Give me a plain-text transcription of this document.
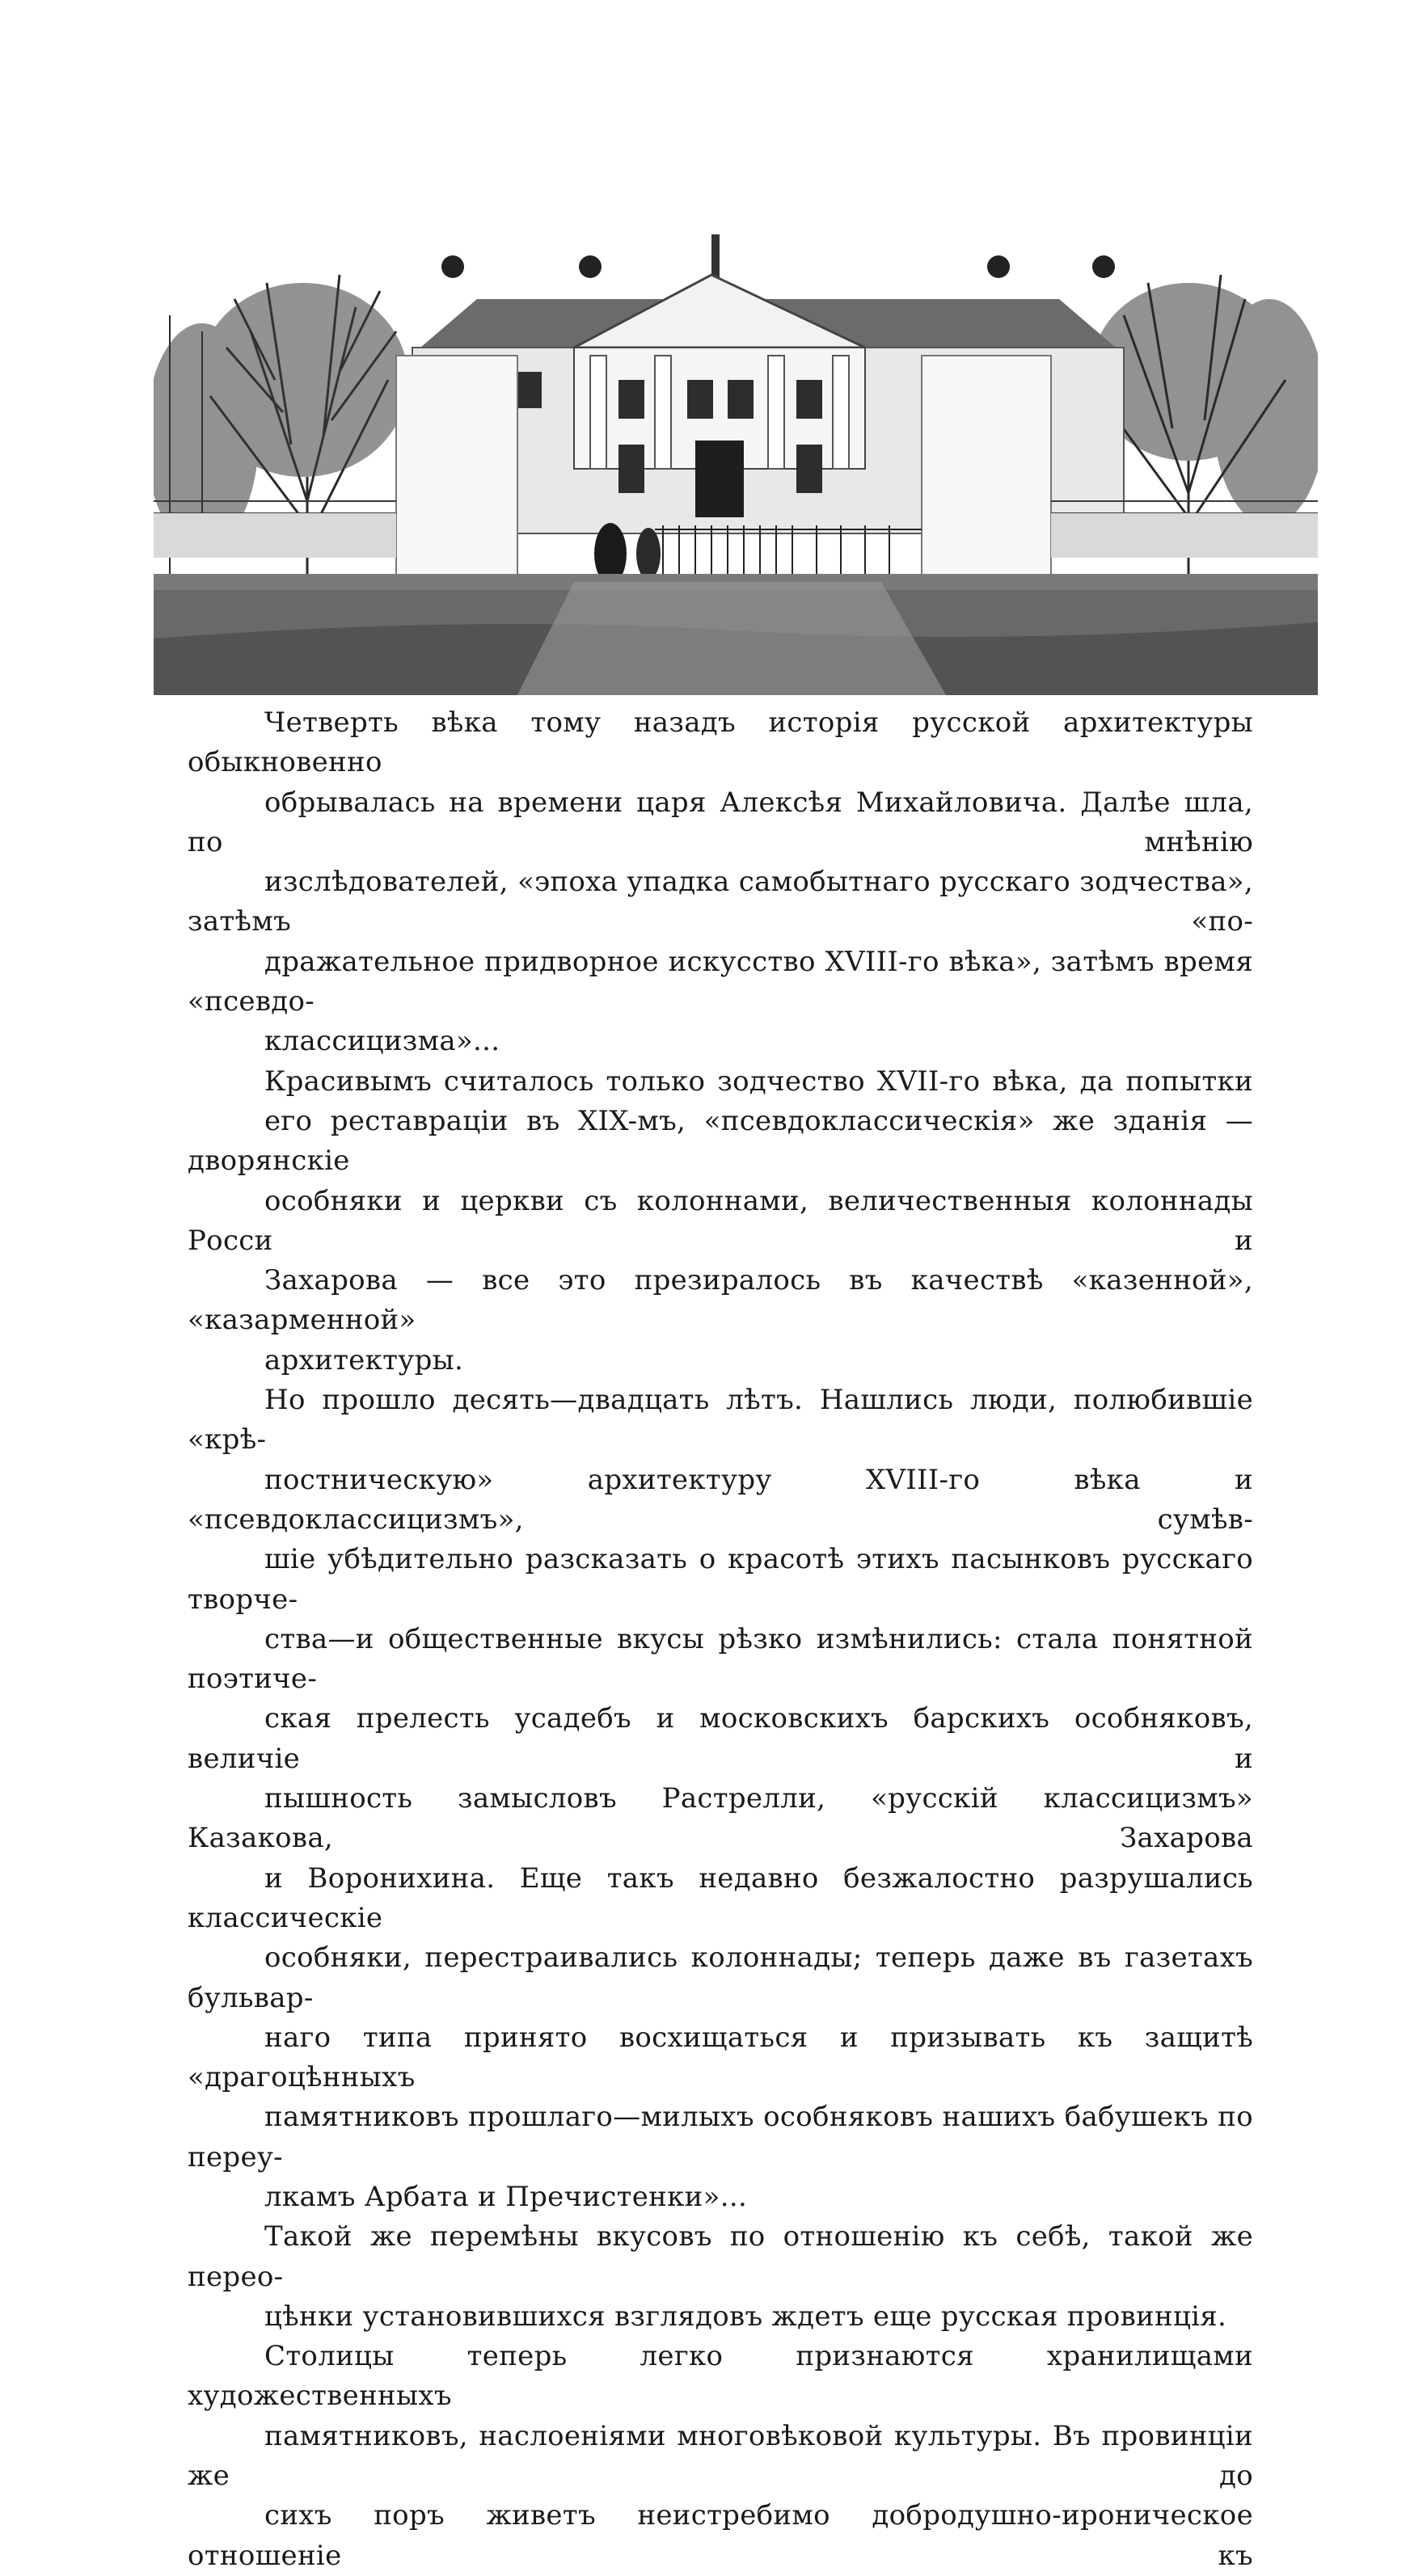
Четверть вѣка тому назадъ исторія русской архитектуры обыкновенно
обрывалась на времени царя Алексѣя Михайловича. Далѣе шла, по мнѣнію
изслѣдователей, «эпоха упадка самобытнаго русскаго зодчества», затѣмъ «по-
дражательное придворное искусство XVIII-го вѣка», затѣмъ время «псевдо-
классицизма»...

Красивымъ считалось только зодчество XVII-го вѣка, да попытки
его реставраціи въ XIX-мъ, «псевдоклассическія» же зданія — дворянскіе
особняки и церкви съ колоннами, величественныя колоннады Росси и
Захарова — все это презиралось въ качествѣ «казенной», «казарменной»
архитектуры.

Но прошло десять—двадцать лѣтъ. Нашлись люди, полюбившіе «крѣ-
постническую» архитектуру XVIII-го вѣка и «псевдоклассицизмъ», сумѣв-
шіе убѣдительно разсказать о красотѣ этихъ пасынковъ русскаго творче-
ства—и общественные вкусы рѣзко измѣнились: стала понятной поэтиче-
ская прелесть усадебъ и московскихъ барскихъ особняковъ, величіе и
пышность замысловъ Растрелли, «русскій классицизмъ» Казакова, Захарова
и Воронихина. Еще такъ недавно безжалостно разрушались классическіе
особняки, перестраивались колоннады; теперь даже въ газетахъ бульвар-
наго типа принято восхищаться и призывать къ защитѣ «драгоцѣнныхъ
памятниковъ прошлаго—милыхъ особняковъ нашихъ бабушекъ по переу-
лкамъ Арбата и Пречистенки»...

Такой же перемѣны вкусовъ по отношенію къ себѣ, такой же перео-
цѣнки установившихся взглядовъ ждетъ еще русская провинція.

Столицы теперь легко признаются хранилищами художественныхъ
памятниковъ, наслоеніями многовѣковой культуры. Въ провинціи же до
сихъ поръ живетъ неистребимо добродушно-ироническое отношеніе къ
